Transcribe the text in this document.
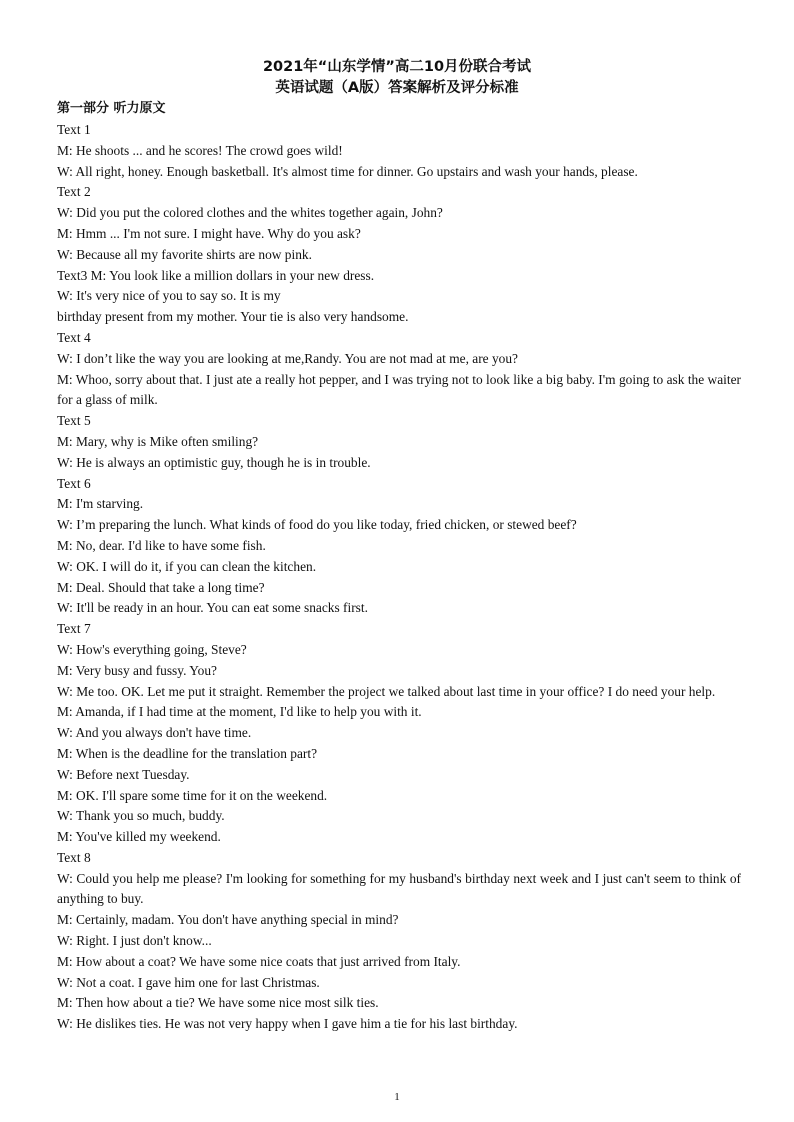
2021年“山东学情”高二10月份联合考试
英语试题（A版）答案解析及评分标准
第一部分 听力原文
Text 1
M: He shoots ... and he scores! The crowd goes wild!
W: All right, honey. Enough basketball. It's almost time for dinner. Go upstairs and wash your hands, please.
Text 2
W: Did you put the colored clothes and the whites together again, John?
M: Hmm ... I'm not sure. I might have. Why do you ask?
W: Because all my favorite shirts are now pink.
Text3 M: You look like a million dollars in your new dress.
W: It's very nice of you to say so. It is my
birthday present from my mother. Your tie is also very handsome.
Text 4
W: I don’t like the way you are looking at me,Randy. You are not mad at me, are you?
M: Whoo, sorry about that. I just ate a really hot pepper, and I was trying not to look like a big baby. I'm going to ask the waiter for a glass of milk.
Text 5
M: Mary, why is Mike often smiling?
W: He is always an optimistic guy, though he is in trouble.
Text 6
M: I'm starving.
W: I’m preparing the lunch. What kinds of food do you like today, fried chicken, or stewed beef?
M: No, dear. I'd like to have some fish.
W: OK. I will do it, if you can clean the kitchen.
M: Deal. Should that take a long time?
W: It'll be ready in an hour. You can eat some snacks first.
Text 7
W: How's everything going, Steve?
M: Very busy and fussy. You?
W: Me too. OK. Let me put it straight. Remember the project we talked about last time in your office? I do need your help.
M: Amanda, if I had time at the moment, I'd like to help you with it.
W: And you always don't have time.
M: When is the deadline for the translation part?
W: Before next Tuesday.
M: OK. I'll spare some time for it on the weekend.
W: Thank you so much, buddy.
M: You've killed my weekend.
Text 8
W: Could you help me please? I'm looking for something for my husband's birthday next week and I just can't seem to think of anything to buy.
M: Certainly, madam. You don't have anything special in mind?
W: Right. I just don't know...
M: How about a coat? We have some nice coats that just arrived from Italy.
W: Not a coat. I gave him one for last Christmas.
M: Then how about a tie? We have some nice most silk ties.
W: He dislikes ties. He was not very happy when I gave him a tie for his last birthday.
1
